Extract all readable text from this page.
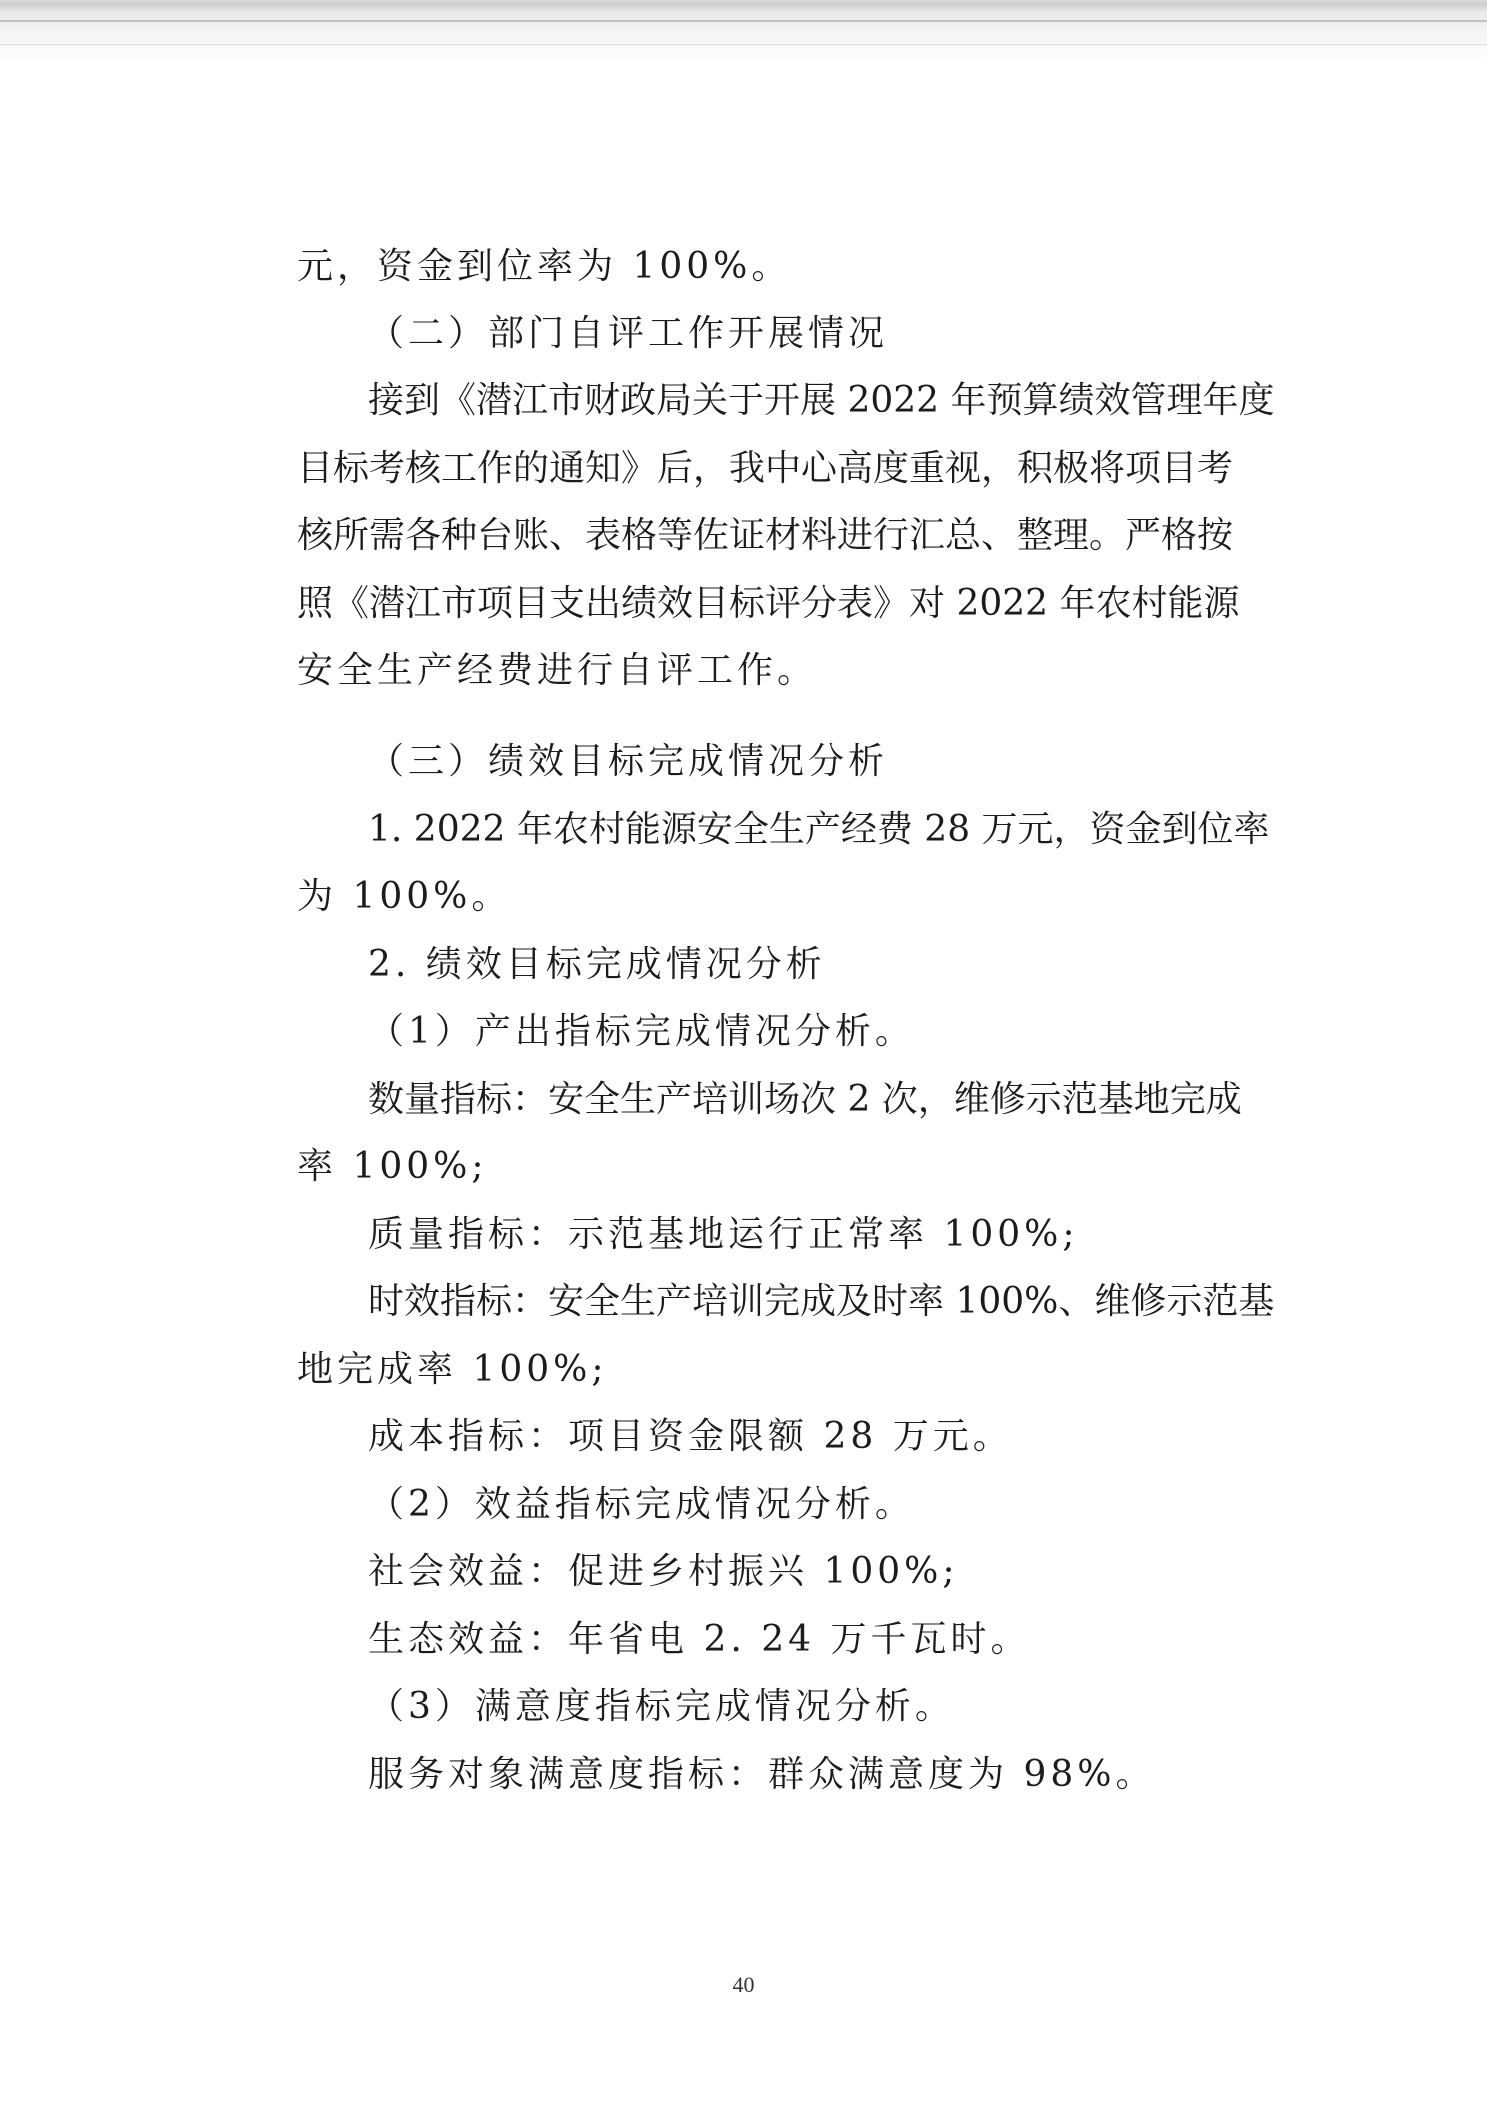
元，资金到位率为 100%。
（二）部门自评工作开展情况
接到《潜江市财政局关于开展 2022 年预算绩效管理年度
目标考核工作的通知》后，我中心高度重视，积极将项目考
核所需各种台账、表格等佐证材料进行汇总、整理。严格按
照《潜江市项目支出绩效目标评分表》对 2022 年农村能源
安全生产经费进行自评工作。
（三）绩效目标完成情况分析
1. 2022 年农村能源安全生产经费 28 万元，资金到位率
为 100%。
2. 绩效目标完成情况分析
（1）产出指标完成情况分析。
数量指标：安全生产培训场次 2 次，维修示范基地完成
率 100%;
质量指标：示范基地运行正常率 100%;
时效指标：安全生产培训完成及时率 100%、维修示范基
地完成率 100%;
成本指标：项目资金限额 28 万元。
（2）效益指标完成情况分析。
社会效益：促进乡村振兴 100%;
生态效益：年省电 2. 24 万千瓦时。
（3）满意度指标完成情况分析。
服务对象满意度指标：群众满意度为 98%。
40
